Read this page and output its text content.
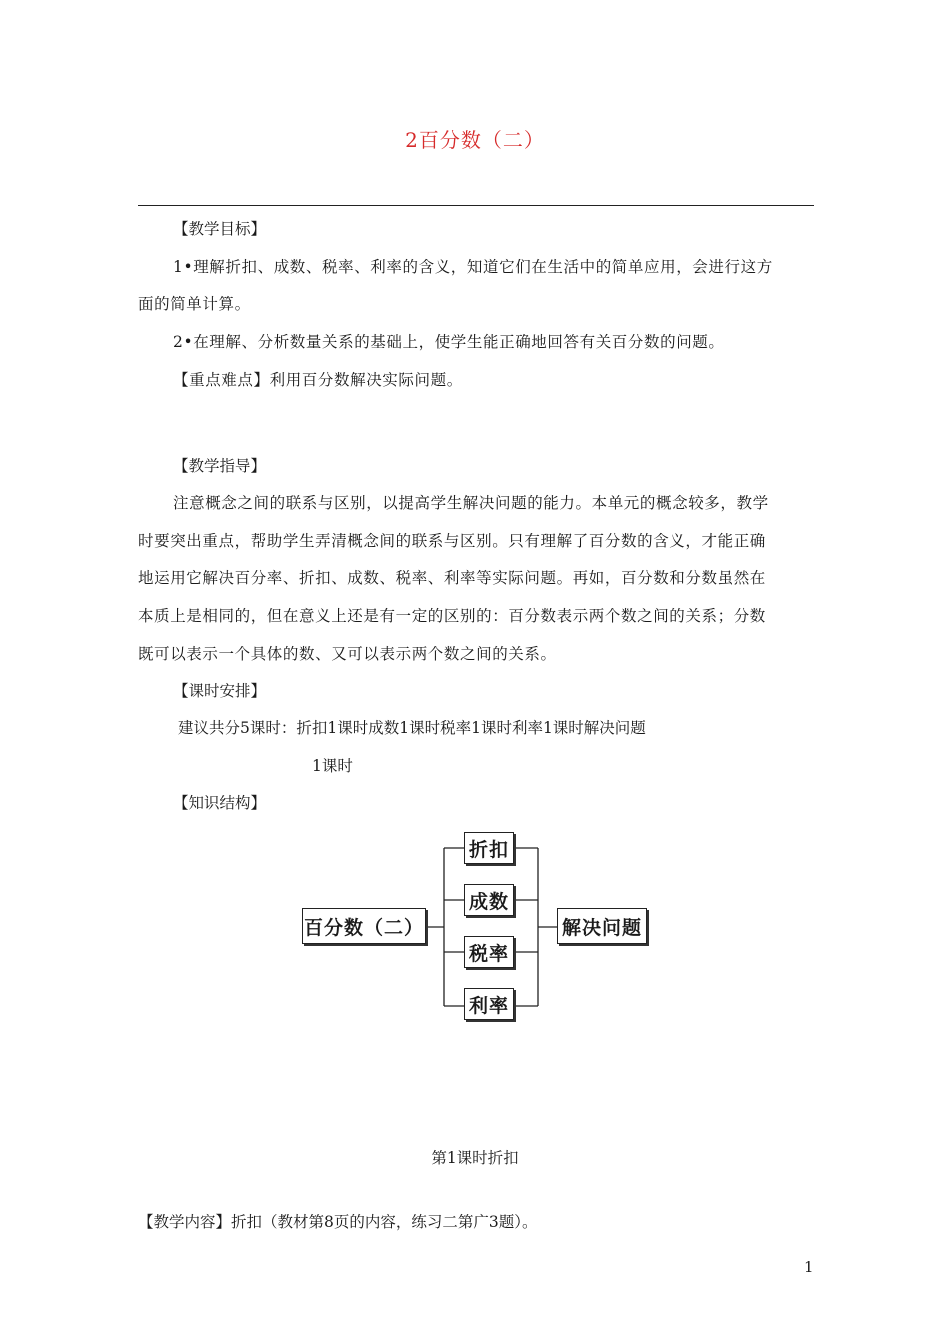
2百分数（二）
【教学目标】
1•理解折扣、成数、税率、利率的含义，知道它们在生活中的简单应用，会进行这方
面的简单计算。
2•在理解、分析数量关系的基础上，使学生能正确地回答有关百分数的问题。
【重点难点】利用百分数解决实际问题。
【教学指导】
注意概念之间的联系与区别，以提高学生解决问题的能力。本单元的概念较多，教学
时要突出重点，帮助学生弄清概念间的联系与区别。只有理解了百分数的含义，才能正确
地运用它解决百分率、折扣、成数、税率、利率等实际问题。再如，百分数和分数虽然在
本质上是相同的，但在意义上还是有一定的区别的：百分数表示两个数之间的关系；分数
既可以表示一个具体的数、又可以表示两个数之间的关系。
【课时安排】
建议共分5课时：折扣1课时成数1课时税率1课时利率1课时解决问题
1课时
【知识结构】
百分数（二）
折扣
成数
税率
利率
解决问题
第1课时折扣
【教学内容】折扣（教材第8页的内容，练习二第广3题）。
1
